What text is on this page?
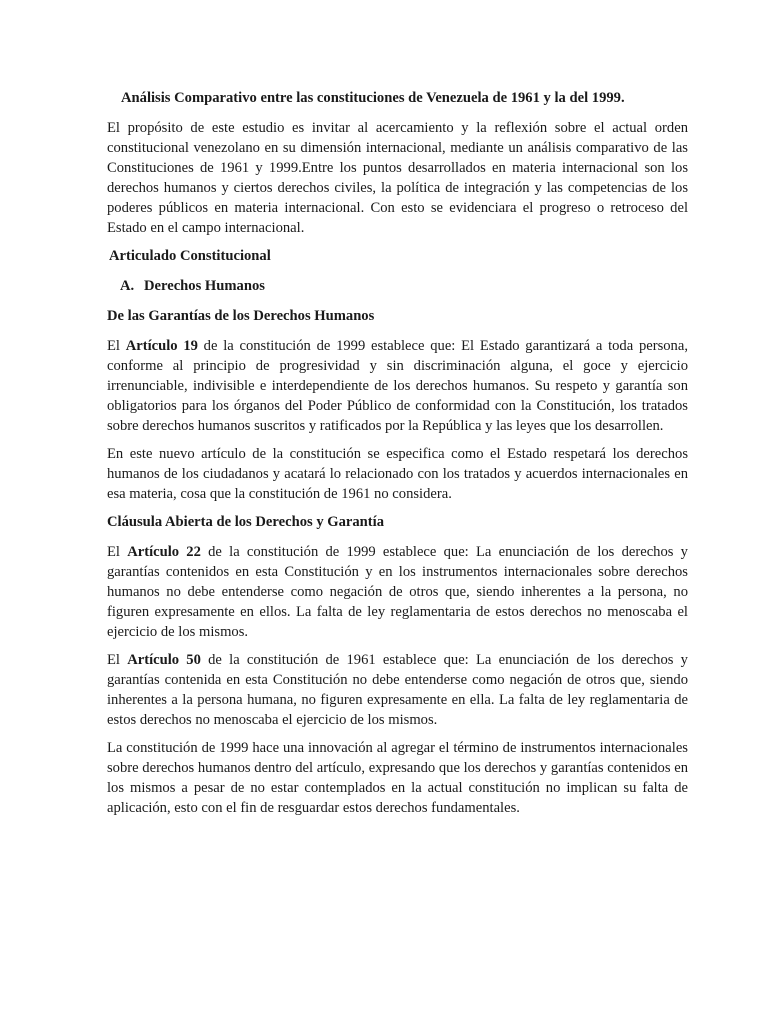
Análisis Comparativo entre las constituciones de Venezuela de 1961 y la del 1999.

El propósito de este estudio es invitar al acercamiento y la reflexión sobre el actual orden constitucional venezolano en su dimensión internacional, mediante un análisis comparativo de las Constituciones de 1961 y 1999.Entre los puntos desarrollados en materia internacional son los derechos humanos y ciertos derechos civiles, la política de integración y las competencias de los poderes públicos en materia internacional. Con esto se evidenciara el progreso o retroceso del Estado en el campo internacional.

Articulado Constitucional
A. Derechos Humanos
De las Garantías de los Derechos Humanos

El Artículo 19 de la constitución de 1999 establece que: El Estado garantizará a toda persona, conforme al principio de progresividad y sin discriminación alguna, el goce y ejercicio irrenunciable, indivisible e interdependiente de los derechos humanos. Su respeto y garantía son obligatorios para los órganos del Poder Público de conformidad con la Constitución, los tratados sobre derechos humanos suscritos y ratificados por la República y las leyes que los desarrollen.

En este nuevo artículo de la constitución se especifica como el Estado respetará los derechos humanos de los ciudadanos y acatará lo relacionado con los tratados y acuerdos internacionales en esa materia, cosa que la constitución de 1961 no considera.

Cláusula Abierta de los Derechos y Garantía

El Artículo 22 de la constitución de 1999 establece que: La enunciación de los derechos y garantías contenidos en esta Constitución y en los instrumentos internacionales sobre derechos humanos no debe entenderse como negación de otros que, siendo inherentes a la persona, no figuren expresamente en ellos. La falta de ley reglamentaria de estos derechos no menoscaba el ejercicio de los mismos.

El Artículo 50 de la constitución de 1961 establece que: La enunciación de los derechos y garantías contenida en esta Constitución no debe entenderse como negación de otros que, siendo inherentes a la persona humana, no figuren expresamente en ella. La falta de ley reglamentaria de estos derechos no menoscaba el ejercicio de los mismos.

La constitución de 1999 hace una innovación al agregar el término de instrumentos internacionales sobre derechos humanos dentro del artículo, expresando que los derechos y garantías contenidos en los mismos a pesar de no estar contemplados en la actual constitución no implican su falta de aplicación, esto con el fin de resguardar estos derechos fundamentales.
